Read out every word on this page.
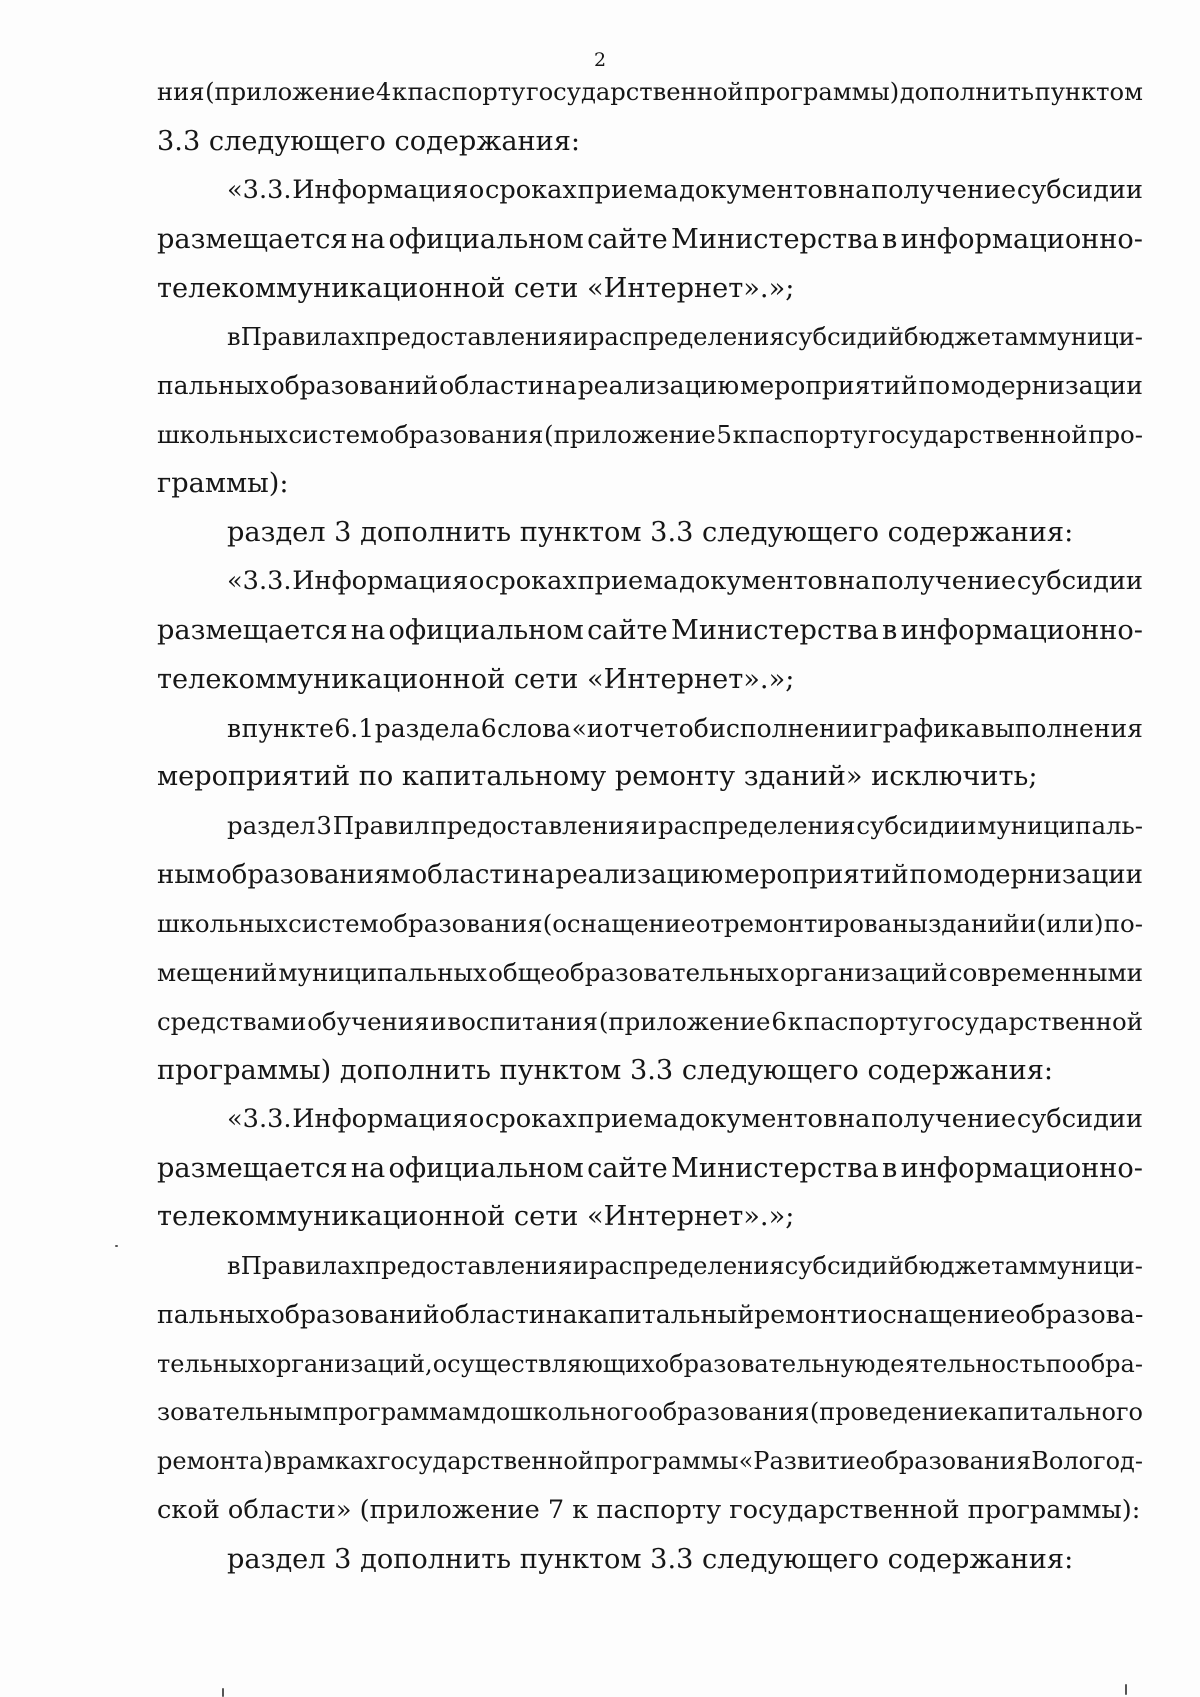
2
ния (приложение 4 к паспорту государственной программы) дополнить пунктом
3.3 следующего содержания:
«3.3. Информация о сроках приема документов на получение субсидии
размещается на официальном сайте Министерства в информационно-
телекоммуникационной сети «Интернет».»;
в Правилах предоставления и распределения субсидий бюджетам муници-
пальных образований области на реализацию мероприятий по модернизации
школьных систем образования (приложение 5 к паспорту государственной про-
граммы):
раздел 3 дополнить пунктом 3.3 следующего содержания:
«3.3. Информация о сроках приема документов на получение субсидии
размещается на официальном сайте Министерства в информационно-
телекоммуникационной сети «Интернет».»;
в пункте 6.1 раздела 6 слова «и отчет об исполнении графика выполнения
мероприятий по капитальному ремонту зданий» исключить;
раздел 3 Правил предоставления и распределения субсидии муниципаль-
ным образованиям области на реализацию мероприятий по модернизации
школьных систем образования (оснащение отремонтированы зданий и (или) по-
мещений муниципальных общеобразовательных организаций современными
средствами обучения и воспитания (приложение 6 к паспорту государственной
программы) дополнить пунктом 3.3 следующего содержания:
«3.3. Информация о сроках приема документов на получение субсидии
размещается на официальном сайте Министерства в информационно-
телекоммуникационной сети «Интернет».»;
в Правилах предоставления и распределения субсидий бюджетам муници-
пальных образований области на капитальный ремонт и оснащение образова-
тельных организаций, осуществляющих образовательную деятельность по обра-
зовательным программам дошкольного образования (проведение капитального
ремонта) в рамках государственной программы «Развитие образования Вологод-
ской области» (приложение 7 к паспорту государственной программы):
раздел 3 дополнить пунктом 3.3 следующего содержания:
